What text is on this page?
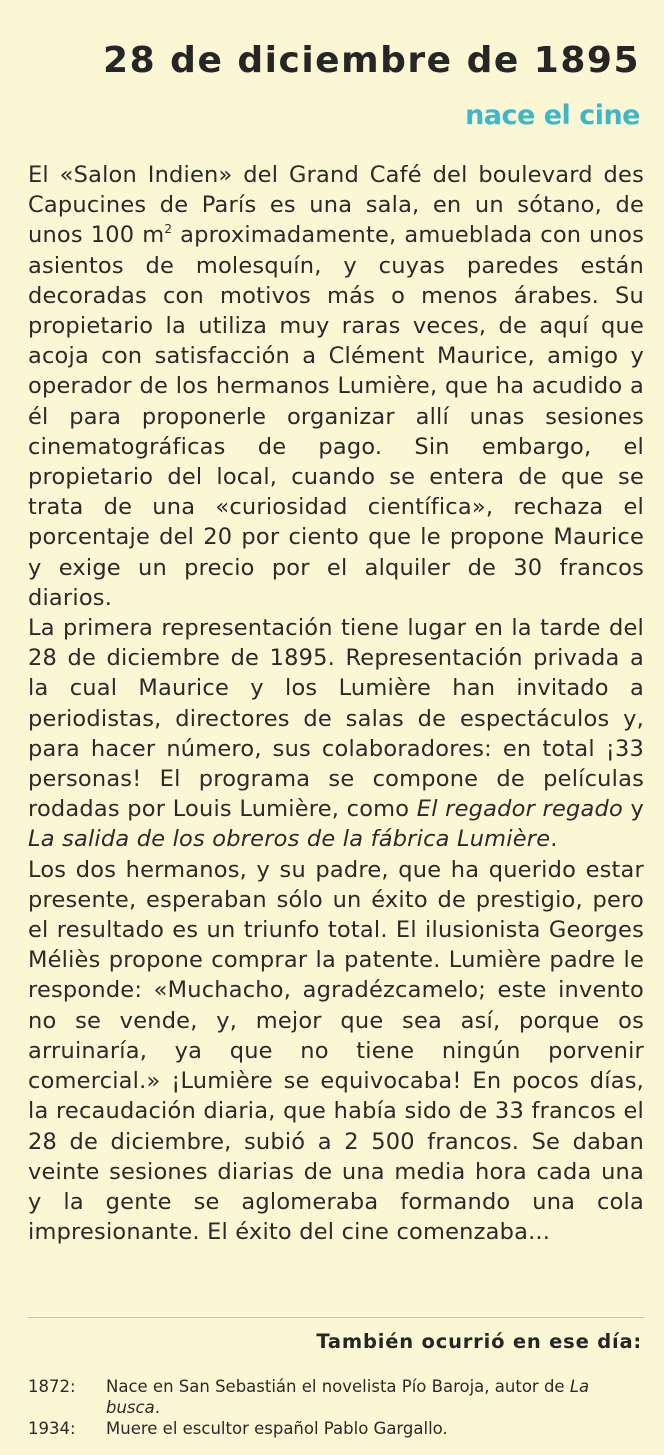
28 de diciembre de 1895
nace el cine

El «Salon Indien» del Grand Café del boulevard des Capucines de París es una sala, en un sótano, de unos 100 $m^2$ aproximadamente, amueblada con unos asientos de molesquín, y cuyas paredes están decoradas con motivos más o menos árabes. Su propietario la utiliza muy raras veces, de aquí que acoja con satisfacción a Clément Maurice, amigo y operador de los hermanos Lumière, que ha acudido a él para proponerle organizar allí unas sesiones cinematográficas de pago. Sin embargo, el propietario del local, cuando se entera de que se trata de una «curiosidad científica», rechaza el porcentaje del 20 por ciento que le propone Maurice y exige un precio por el alquiler de 30 francos diarios.

La primera representación tiene lugar en la tarde del 28 de diciembre de 1895. Representación privada a la cual Maurice y los Lumière han invitado a periodistas, directores de salas de espectáculos y, para hacer número, sus colaboradores: en total ¡33 personas! El programa se compone de películas rodadas por Louis Lumière, como El regador regado y La salida de los obreros de la fábrica Lumière.

Los dos hermanos, y su padre, que ha querido estar presente, esperaban sólo un éxito de prestigio, pero el resultado es un triunfo total. El ilusionista Georges Méliès propone comprar la patente. Lumière padre le responde: «Muchacho, agradézcamelo; este invento no se vende, y, mejor que sea así, porque os arruinaría, ya que no tiene ningún porvenir comercial.» ¡Lumière se equivocaba! En pocos días, la recaudación diaria, que había sido de 33 francos el 28 de diciembre, subió a 2 500 francos. Se daban veinte sesiones diarias de una media hora cada una y la gente se aglomeraba formando una cola impresionante. El éxito del cine comenzaba...

También ocurrió en ese día:

1872:	Nace en San Sebastián el novelista Pío Baroja, autor de La busca.

1934:	Muere el escultor español Pablo Gargallo.
